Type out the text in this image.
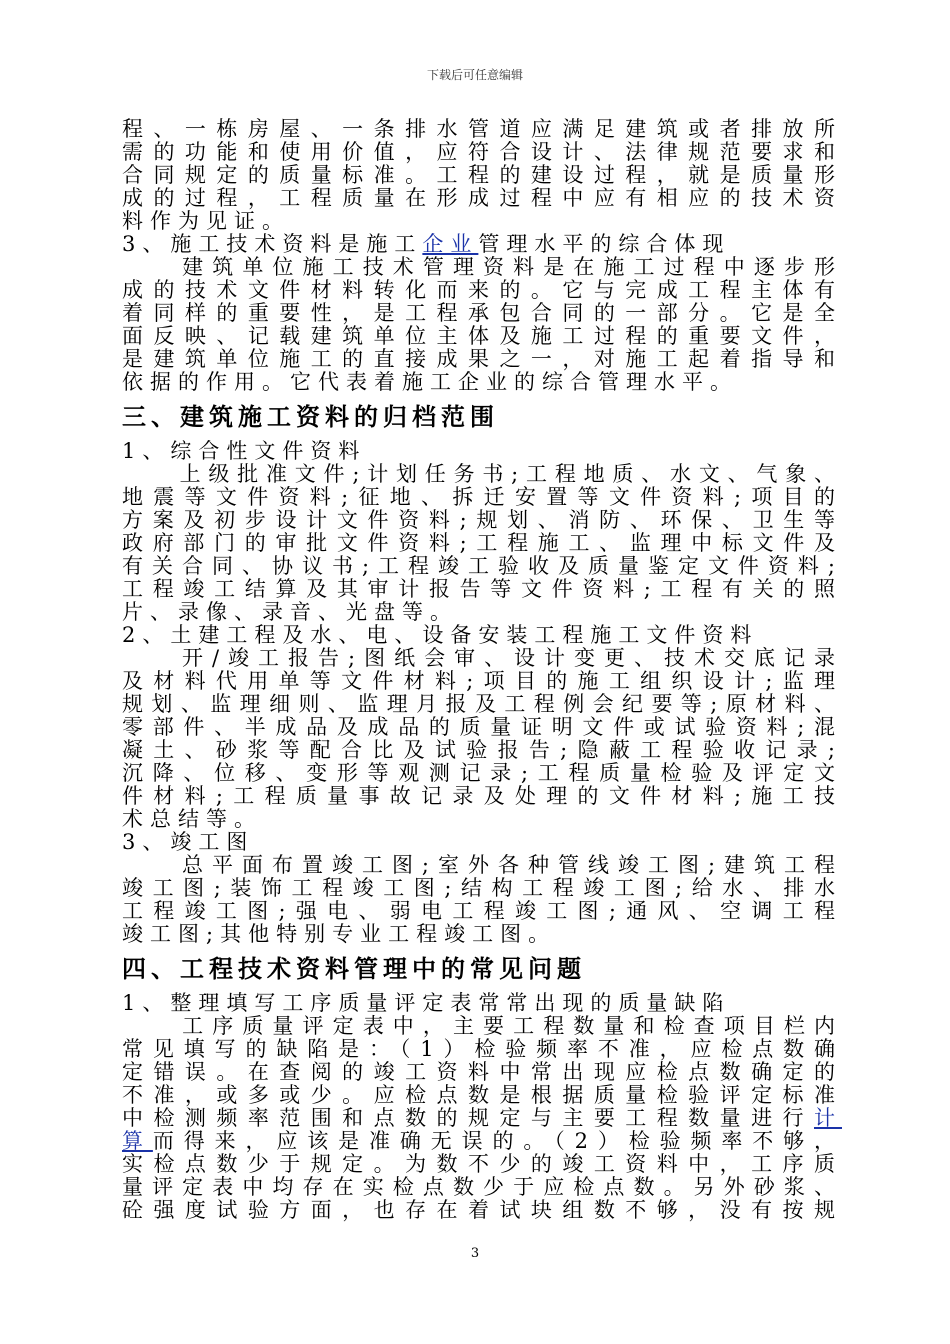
下载后可任意编辑
程、一栋房屋、一条排水管道应满足建筑或者排放所
需的功能和使用价值，应符合设计、法律规范要求和
合同规定的质量标准。工程的建设过程，就是质量形
成的过程，工程质量在形成过程中应有相应的技术资
料作为见证。
3、施工技术资料是施工企业管理水平的综合体现
　　建筑单位施工技术管理资料是在施工过程中逐步形
成的技术文件材料转化而来的。它与完成工程主体有
着同样的重要性，是工程承包合同的一部分。它是全
面反映、记载建筑单位主体及施工过程的重要文件，
是建筑单位施工的直接成果之一，对施工起着指导和
依据的作用。它代表着施工企业的综合管理水平。
三、建筑施工资料的归档范围
1、综合性文件资料
　　上级批准文件;计划任务书;工程地质、水文、气象、
地震等文件资料;征地、拆迁安置等文件资料;项目的
方案及初步设计文件资料;规划、消防、环保、卫生等
政府部门的审批文件资料;工程施工、监理中标文件及
有关合同、协议书;工程竣工验收及质量鉴定文件资料;
工程竣工结算及其审计报告等文件资料;工程有关的照
片、录像、录音、光盘等。
2、土建工程及水、电、设备安装工程施工文件资料
　　开/竣工报告;图纸会审、设计变更、技术交底记录
及材料代用单等文件材料;项目的施工组织设计;监理
规划、监理细则、监理月报及工程例会纪要等;原材料、
零部件、半成品及成品的质量证明文件或试验资料;混
凝土、砂浆等配合比及试验报告;隐蔽工程验收记录;
沉降、位移、变形等观测记录;工程质量检验及评定文
件材料;工程质量事故记录及处理的文件材料;施工技
术总结等。
3、竣工图
　　总平面布置竣工图;室外各种管线竣工图;建筑工程
竣工图;装饰工程竣工图;结构工程竣工图;给水、排水
工程竣工图;强电、弱电工程竣工图;通风、空调工程
竣工图;其他特别专业工程竣工图。
四、工程技术资料管理中的常见问题
1、整理填写工序质量评定表常常出现的质量缺陷
　　工序质量评定表中，主要工程数量和检查项目栏内
常见填写的缺陷是：（1）检验频率不准，应检点数确
定错误。在查阅的竣工资料中常出现应检点数确定的
不准，或多或少。应检点数是根据质量检验评定标准
中检测频率范围和点数的规定与主要工程数量进行计
算而得来，应该是准确无误的。（2）检验频率不够，
实检点数少于规定。为数不少的竣工资料中，工序质
量评定表中均存在实检点数少于应检点数。另外砂浆、
砼强度试验方面，也存在着试块组数不够，没有按规
3
